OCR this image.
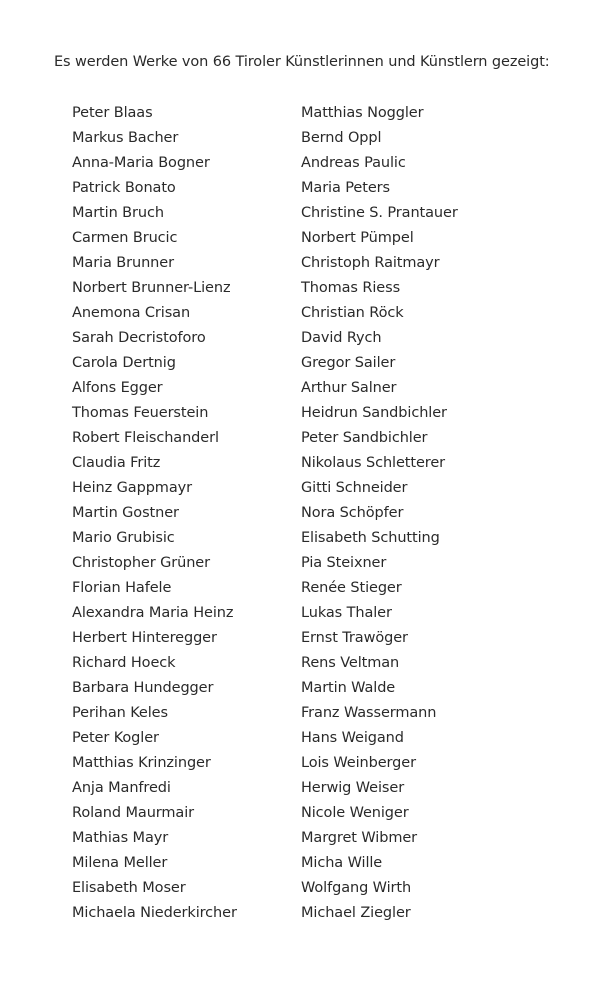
Es werden Werke von 66 Tiroler Künstlerinnen und Künstlern gezeigt:
Peter Blaas
Markus Bacher
Anna-Maria Bogner
Patrick Bonato
Martin Bruch
Carmen Brucic
Maria Brunner
Norbert Brunner-Lienz
Anemona Crisan
Sarah Decristoforo
Carola Dertnig
Alfons Egger
Thomas Feuerstein
Robert Fleischanderl
Claudia Fritz
Heinz Gappmayr
Martin Gostner
Mario Grubisic
Christopher Grüner
Florian Hafele
Alexandra Maria Heinz
Herbert Hinteregger
Richard Hoeck
Barbara Hundegger
Perihan Keles
Peter Kogler
Matthias Krinzinger
Anja Manfredi
Roland Maurmair
Mathias Mayr
Milena Meller
Elisabeth Moser
Michaela Niederkircher
Matthias Noggler
Bernd Oppl
Andreas Paulic
Maria Peters
Christine S. Prantauer
Norbert Pümpel
Christoph Raitmayr
Thomas Riess
Christian Röck
David Rych
Gregor Sailer
Arthur Salner
Heidrun Sandbichler
Peter Sandbichler
Nikolaus Schletterer
Gitti Schneider
Nora Schöpfer
Elisabeth Schutting
Pia Steixner
Renée Stieger
Lukas Thaler
Ernst Trawöger
Rens Veltman
Martin Walde
Franz Wassermann
Hans Weigand
Lois Weinberger
Herwig Weiser
Nicole Weniger
Margret Wibmer
Micha Wille
Wolfgang Wirth
Michael Ziegler
